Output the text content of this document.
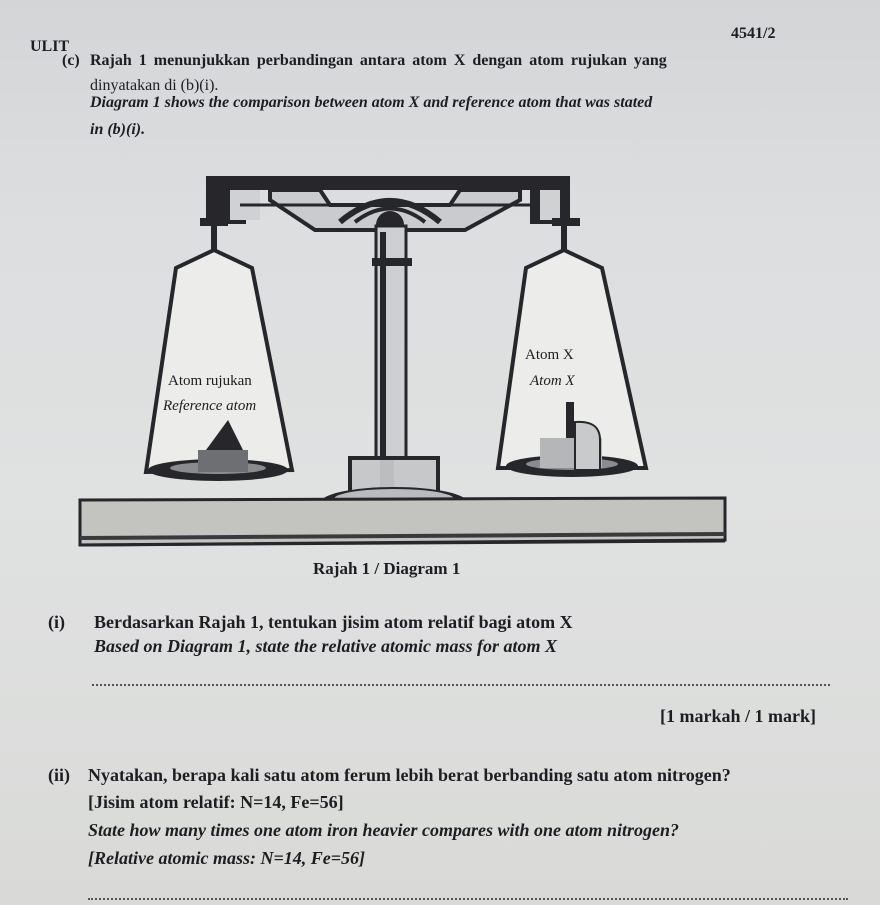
ULIT
4541/2
(c) Rajah 1 menunjukkan perbandingan antara atom X dengan atom rujukan yang
dinyatakan di (b)(i).
Diagram 1 shows the comparison between atom X and reference atom that was stated
in (b)(i).
Atom rujukan
Reference atom
Atom X
Atom X
Rajah 1 / Diagram 1
(i) Berdasarkan Rajah 1, tentukan jisim atom relatif bagi atom X
Based on Diagram 1, state the relative atomic mass for atom X
[1 markah / 1 mark]
(ii) Nyatakan, berapa kali satu atom ferum lebih berat berbanding satu atom nitrogen?
[Jisim atom relatif: N=14, Fe=56]
State how many times one atom iron heavier compares with one atom nitrogen?
[Relative atomic mass: N=14, Fe=56]
